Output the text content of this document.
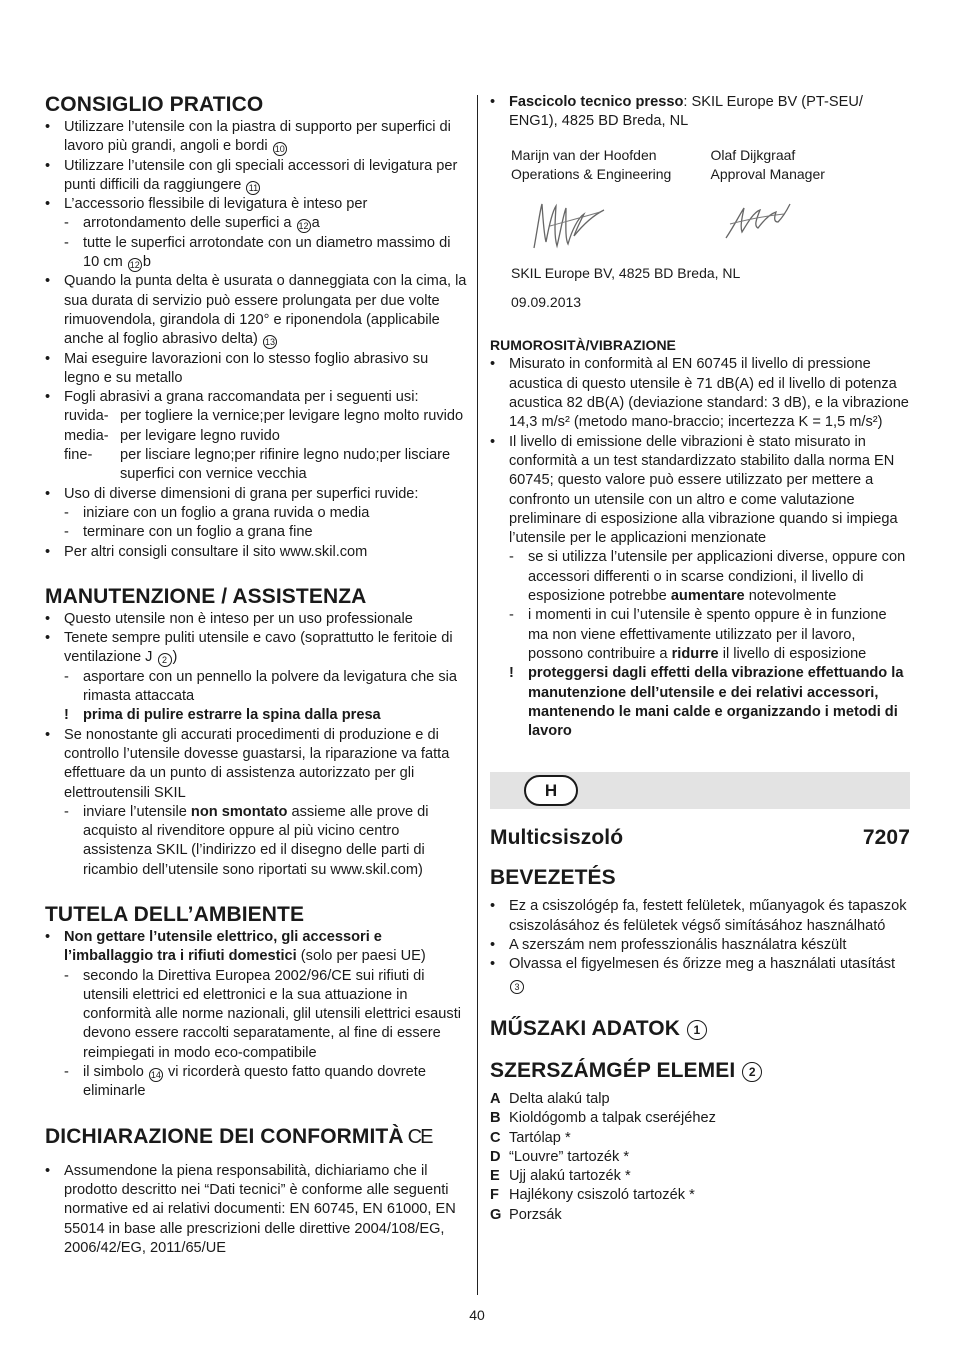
CONSIGLIO PRATICO
• Utilizzare l’utensile con la piastra di supporto per superfici di lavoro più grandi, angoli e bordi 10
• Utilizzare l’utensile con gli speciali accessori di levigatura per punti difficili da raggiungere 11
• L’accessorio flessibile di levigatura è inteso per
- arrotondamento delle superfici a 12 a
- tutte le superfici arrotondate con un diametro massimo di 10 cm 12 b
• Quando la punta delta è usurata o danneggiata con la cima, la sua durata di servizio può essere prolungata per due volte rimuovendola, girandola di 120° e riponendola (applicabile anche al foglio abrasivo delta) 13
• Mai eseguire lavorazioni con lo stesso foglio abrasivo su legno e su metallo
• Fogli abrasivi a grana raccomandata per i seguenti usi:
ruvida- per togliere la vernice;per levigare legno molto ruvido
media- per levigare legno ruvido
fine-	per lisciare legno;per rifinire legno nudo;per lisciare superfici con vernice vecchia
• Uso di diverse dimensioni di grana per superfici ruvide:
- iniziare con un foglio a grana ruvida o media
- terminare con un foglio a grana fine
• Per altri consigli consultare il sito www.skil.com
MANUTENZIONE / ASSISTENZA
• Questo utensile non è inteso per un uso professionale
• Tenete sempre puliti utensile e cavo (soprattutto le feritoie di ventilazione J 2 )
- asportare con un pennello la polvere da levigatura che sia rimasta attaccata
! prima di pulire estrarre la spina dalla presa
• Se nonostante gli accurati procedimenti di produzione e di controllo l’utensile dovesse guastarsi, la riparazione va fatta effettuare da un punto di assistenza autorizzato per gli elettroutensili SKIL
- inviare l’utensile non smontato assieme alle prove di acquisto al rivenditore oppure al più vicino centro assistenza SKIL (l’indirizzo ed il disegno delle parti di ricambio dell’utensile sono riportati su www.skil.com)
TUTELA DELL’AMBIENTE
• Non gettare l’utensile elettrico, gli accessori e l’imballaggio tra i rifiuti domestici (solo per paesi UE)
- secondo la Direttiva Europea 2002/96/CE sui rifiuti di utensili elettrici ed elettronici e la sua attuazione in conformità alle norme nazionali, glil utensili elettrici esausti devono essere raccolti separatamente, al fine di essere reimpiegati in modo eco-compatibile
- il simbolo 14 vi ricorderà questo fatto quando dovrete eliminarle
DICHIARAZIONE DEI CONFORMITÀ CE
• Assumendone la piena responsabilità, dichiariamo che il prodotto descritto nei “Dati tecnici” è conforme alle seguenti normative ed ai relativi documenti: EN 60745, EN 61000, EN 55014 in base alle prescrizioni delle direttive 2004/108/EG, 2006/42/EG, 2011/65/UE
• Fascicolo tecnico presso: SKIL Europe BV (PT-SEU/ ENG1), 4825 BD Breda, NL
Marijn van der Hoofden
Operations & Engineering
Olaf Dijkgraaf
Approval Manager
SKIL Europe BV, 4825 BD Breda, NL
09.09.2013
RUMOROSITÀ/VIBRAZIONE
• Misurato in conformità al EN 60745 il livello di pressione acustica di questo utensile è 71 dB(A) ed il livello di potenza acustica 82 dB(A) (deviazione standard: 3 dB), e la vibrazione 14,3 m/s² (metodo mano-braccio; incertezza K = 1,5 m/s²)
• Il livello di emissione delle vibrazioni è stato misurato in conformità a un test standardizzato stabilito dalla norma EN 60745; questo valore può essere utilizzato per mettere a confronto un utensile con un altro e come valutazione preliminare di esposizione alla vibrazione quando si impiega l’utensile per le applicazioni menzionate
- se si utilizza l’utensile per applicazioni diverse, oppure con accessori differenti o in scarse condizioni, il livello di esposizione potrebbe aumentare notevolmente
- i momenti in cui l’utensile è spento oppure è in funzione ma non viene effettivamente utilizzato per il lavoro, possono contribuire a ridurre il livello di esposizione
! proteggersi dagli effetti della vibrazione effettuando la manutenzione dell’utensile e dei relativi accessori, mantenendo le mani calde e organizzando i metodi di lavoro
H
Multicsiszoló	7207
BEVEZETÉS
• Ez a csiszológép fa, festett felületek, műanyagok és tapaszok csiszolásához és felületek végső simításához használható
• A szerszám nem professzionális használatra készült
• Olvassa el figyelmesen és őrizze meg a használati utasítást 3
MŰSZAKI ADATOK 1
SZERSZÁMGÉP ELEMEI 2
A Delta alakú talp
B Kioldógomb a talpak cseréjéhez
C Tartólap *
D “Louvre” tartozék *
E Ujj alakú tartozék *
F Hajlékony csiszoló tartozék *
G Porzsák
40
